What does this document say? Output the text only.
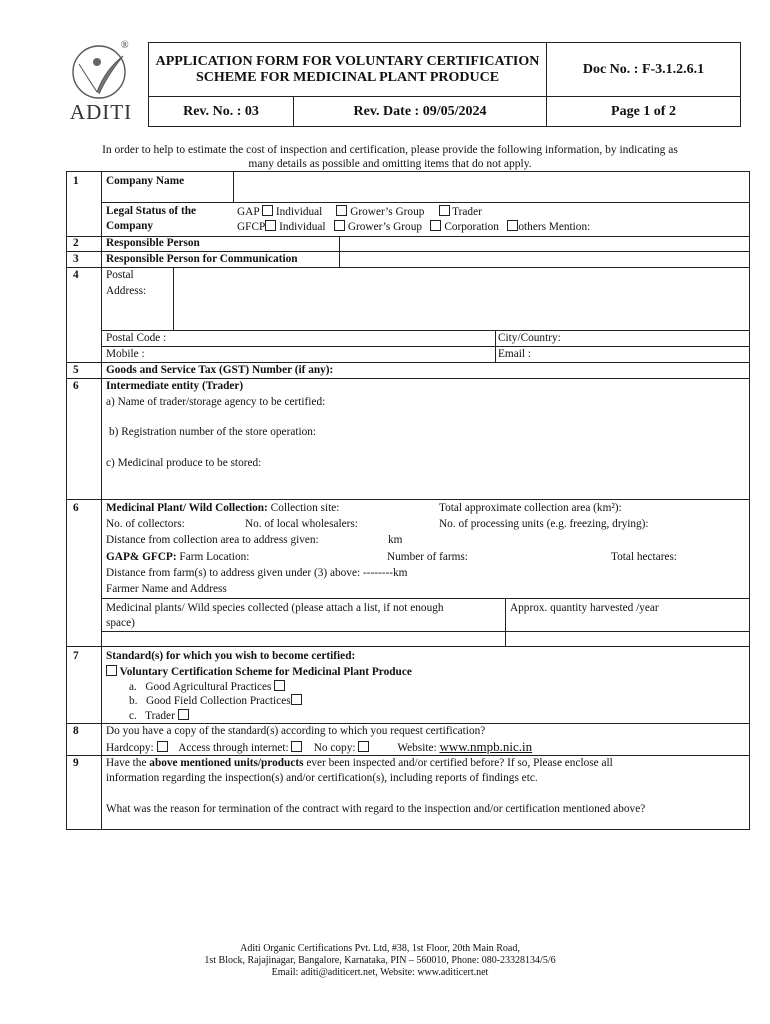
®
ADITI
APPLICATION FORM FOR VOLUNTARY CERTIFICATION SCHEME FOR MEDICINAL PLANT PRODUCE	Doc No. : F-3.1.2.6.1

Rev. No. : 03 Rev. Date : 09/05/2024	Page 1 of 2
In order to help to estimate the cost of inspection and certification, please provide the following information, by indicating as many details as possible and omitting items that do not apply.
1 Company Name
Legal Status of the
Company
GAP Individual Grower’s Group Trader
GFCP Individual Grower’s Group Corporation others Mention:
2 Responsible Person
3 Responsible Person for Communication
4 Postal
Address:
Postal Code :	City/Country:
Mobile :	Email :
5 Goods and Service Tax (GST) Number (if any):
6 Intermediate entity (Trader)
a) Name of trader/storage agency to be certified:
b) Registration number of the store operation:
c) Medicinal produce to be stored:
6 Medicinal Plant/ Wild Collection: Collection site:	Total approximate collection area (km²):
No. of collectors:	No. of local wholesalers:	No. of processing units (e.g. freezing, drying):
Distance from collection area to address given:	km
GAP& GFCP: Farm Location:	Number of farms:	Total hectares:
Distance from farm(s) to address given under (3) above: --------km
Farmer Name and Address
Medicinal plants/ Wild species collected (please attach a list, if not enough
space)
Approx. quantity harvested /year
7 Standard(s) for which you wish to become certified:
Voluntary Certification Scheme for Medicinal Plant Produce
a. Good Agricultural Practices
b. Good Field Collection Practices
c. Trader
8 Do you have a copy of the standard(s) according to which you request certification?
Hardcopy: Access through internet: No copy:	Website: www.nmpb.nic.in
9 Have the above mentioned units/products ever been inspected and/or certified before? If so, Please enclose all
information regarding the inspection(s) and/or certification(s), including reports of findings etc.
What was the reason for termination of the contract with regard to the inspection and/or certification mentioned above?
Aditi Organic Certifications Pvt. Ltd, #38, 1st Floor, 20th Main Road,
1st Block, Rajajinagar, Bangalore, Karnataka, PIN – 560010, Phone: 080-23328134/5/6
Email: aditi@aditicert.net, Website: www.aditicert.net
